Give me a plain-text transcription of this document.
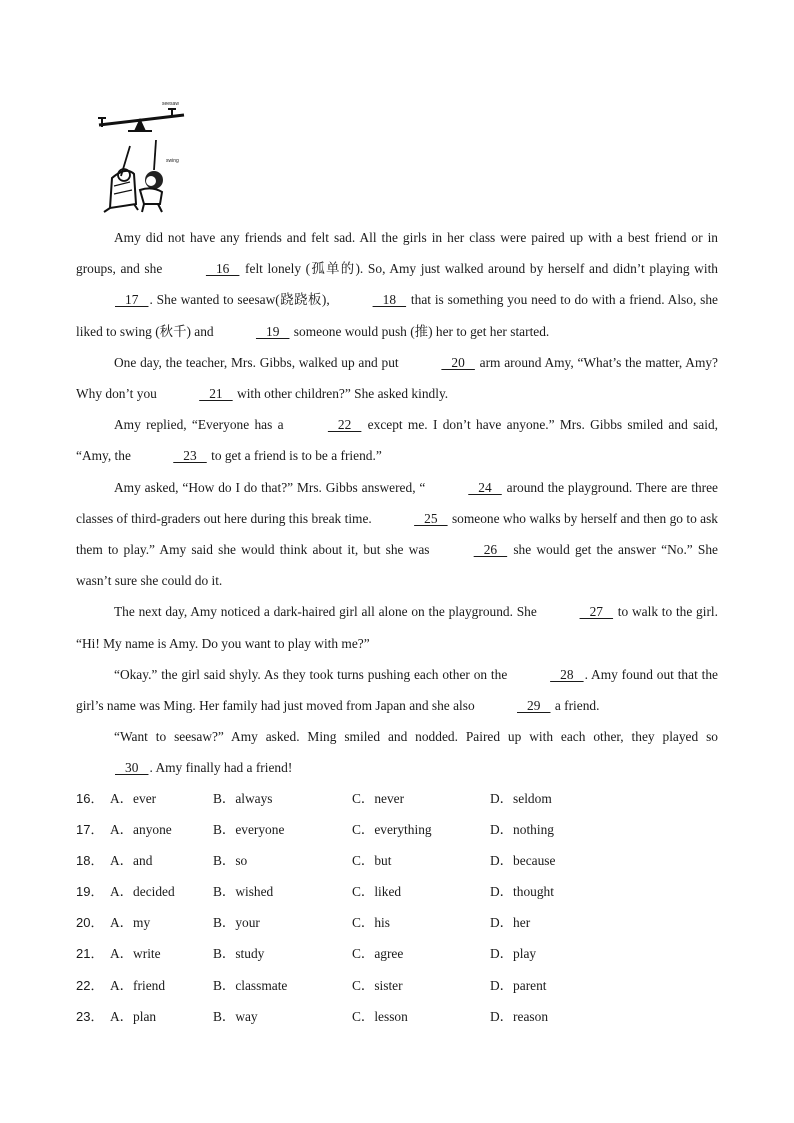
seesaw
swing

Amy did not have any friends and felt sad. All the girls in her class were paired up with a best friend or in groups, and she	16    felt lonely (孤单的). So, Amy just walked around by herself and didn’t playing with    17   . She wanted to seesaw(跷跷板),	18    that is something you need to do with a friend. Also, she liked to swing (秋千) and	19    someone would push (推) her to get her started.

One day, the teacher, Mrs. Gibbs, walked up and put	20    arm around Amy, “What’s the matter, Amy? Why don’t you	21    with other children?” She asked kindly.

Amy replied, “Everyone has a	22    except me. I don’t have anyone.” Mrs. Gibbs smiled and said, “Amy, the	23    to get a friend is to be a friend.”

Amy asked, “How do I do that?” Mrs. Gibbs answered, “	24    around the playground. There are three classes of third-graders out here during this break time.	25    someone who walks by herself and then go to ask them to play.” Amy said she would think about it, but she was	26    she would get the answer “No.” She wasn’t sure she could do it.

The next day, Amy noticed a dark-haired girl all alone on the playground. She	27    to walk to the girl. “Hi! My name is Amy. Do you want to play with me?”

“Okay.” the girl said shyly. As they took turns pushing each other on the	28   . Amy found out that the girl’s name was Ming. Her family had just moved from Japan and she also	29    a friend.

“Want to seesaw?” Amy asked. Ming smiled and nodded. Paired up with each other, they played so    30   . Amy finally had a friend!

16． A．ever	B．always	C．never	D．seldom
17． A．anyone	B．everyone	C．everything	D．nothing
18． A．and	B．so	C．but	D．because
19． A．decided	B．wished	C．liked	D．thought
20． A．my	B．your	C．his	D．her
21． A．write	B．study	C．agree	D．play
22． A．friend	B．classmate	C．sister	D．parent
23． A．plan	B．way	C．lesson	D．reason
